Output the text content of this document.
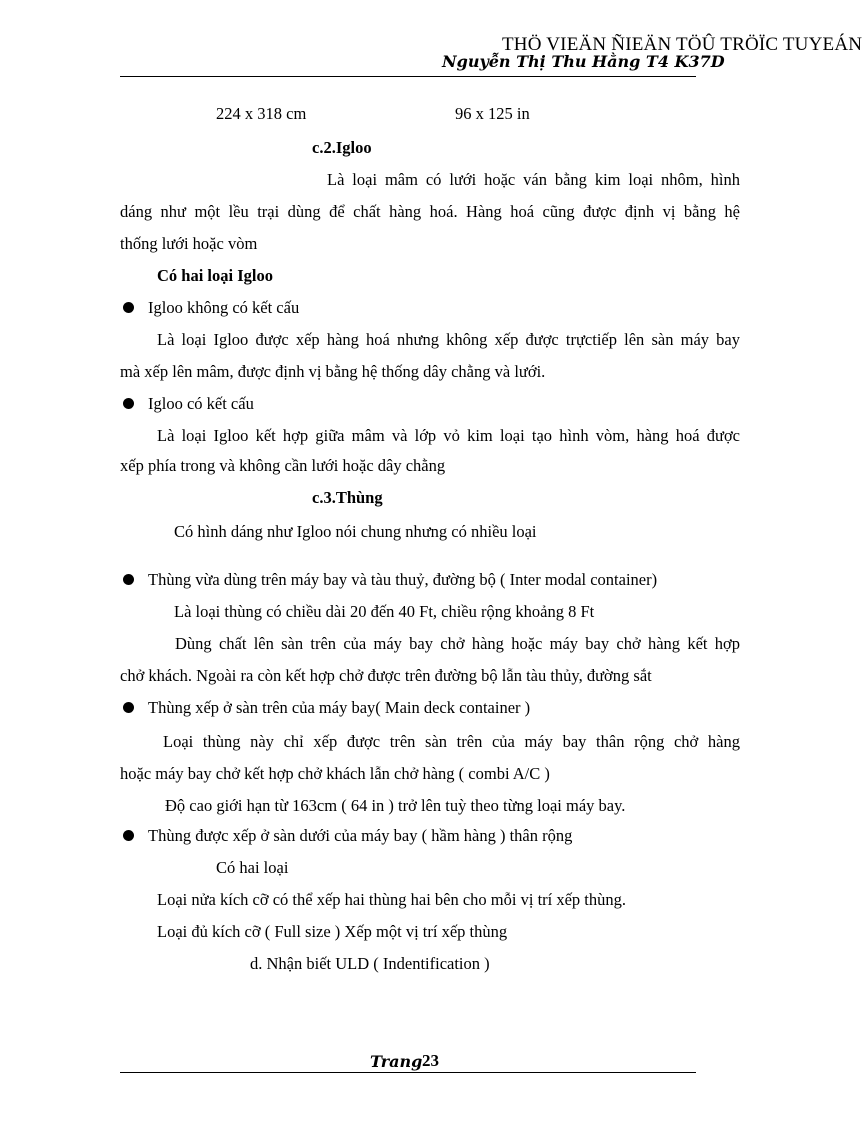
THÖ VIEÄN ÑIEÄN TÖÛ TRÖÏC TUYEÁN
Nguyễn Thị Thu Hằng T4 K37D
224 x 318 cm	96 x 125 in
c.2.Igloo
Là loại mâm có lưới hoặc ván bằng kim loại nhôm, hình
dáng như một lều trại dùng để chất hàng hoá. Hàng hoá cũng được định vị bằng hệ
thống lưới hoặc vòm
Có hai loại Igloo
Igloo không có kết cấu
Là loại Igloo được xếp hàng hoá nhưng không xếp được trựctiếp lên sàn máy bay
mà xếp lên mâm, được định vị bằng hệ thống dây chằng và lưới.
Igloo có kết cấu
Là loại Igloo kết hợp giữa mâm và lớp vỏ kim loại tạo hình vòm, hàng hoá được
xếp phía trong và không cần lưới hoặc dây chằng
c.3.Thùng
Có hình dáng như Igloo nói chung nhưng có nhiều loại
Thùng vừa dùng trên máy bay và tàu thuỷ, đường bộ ( Inter modal container)
Là loại thùng có chiều dài 20 đến 40 Ft, chiều rộng khoảng 8 Ft
Dùng chất lên sàn trên của máy bay chở hàng hoặc máy bay chở hàng kết hợp
chở khách. Ngoài ra còn kết hợp chở được trên đường bộ lẫn tàu thủy, đường sắt
Thùng xếp ở sàn trên của máy bay( Main deck container )
Loại thùng này chỉ xếp được trên sàn trên của máy bay thân rộng chở hàng
hoặc máy bay chở kết hợp chở khách lẫn chở hàng ( combi A/C )
Độ cao giới hạn từ 163cm ( 64 in ) trở lên tuỳ theo từng loại máy bay.
Thùng được xếp ở sàn dưới của máy bay ( hầm hàng ) thân rộng
Có hai loại
Loại nửa kích cỡ có thể xếp hai thùng hai bên cho mỗi vị trí xếp thùng.
Loại đủ kích cỡ ( Full size ) Xếp một vị trí xếp thùng
d. Nhận biết ULD ( Indentification )
Trang 23
